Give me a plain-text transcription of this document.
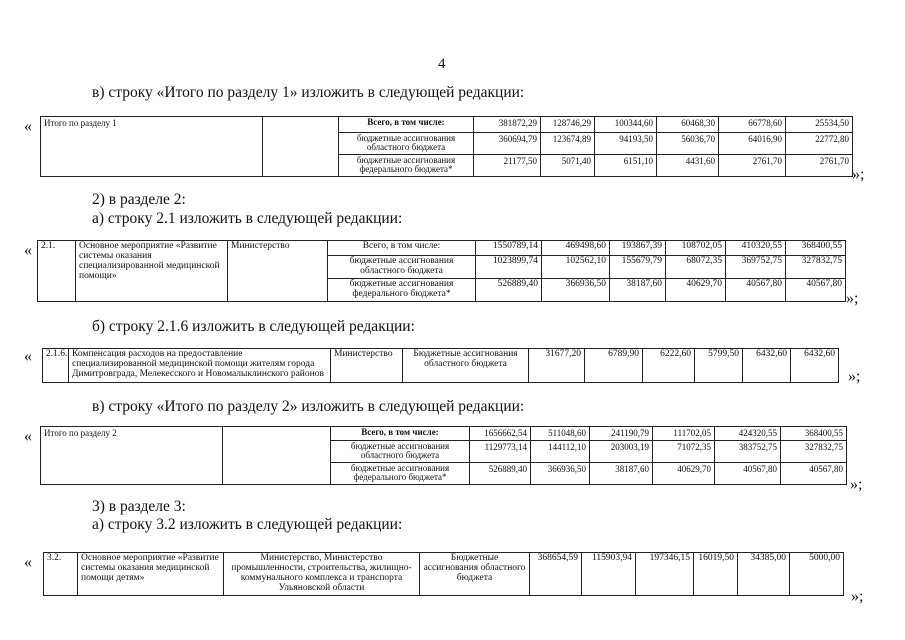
4
в) строку «Итого по разделу 1» изложить в следующей редакции:
« Итого по разделу 1		Всего, в том числе:	381872,29	128746,29	100344,60	60468,30	66778,60	25534,50
		бюджетные ассигнования областного бюджета	360694,79	123674,89	94193,50	56036,70	64016,90	22772,80
		бюджетные ассигнования федерального бюджета*	21177,50	5071,40	6151,10	4431,60	2761,70	2761,70
»;
2) в разделе 2:
а) строку 2.1 изложить в следующей редакции:
« 2.1.	Основное мероприятие «Развитие системы оказания специализированной медицинской помощи»	Министерство	Всего, в том числе:	1550789,14	469498,60	193867,39	108702,05	410320,55	368400,55
			бюджетные ассигнования областного бюджета	1023899,74	102562,10	155679,79	68072,35	369752,75	327832,75
			бюджетные ассигнования федерального бюджета*	526889,40	366936,50	38187,60	40629,70	40567,80	40567,80
»;
б) строку 2.1.6 изложить в следующей редакции:
« 2.1.6.	Компенсация расходов на предоставление специализированной медицинской помощи жителям города Димитровграда, Мелекесского и Новомалыклинского районов	Министерство	Бюджетные ассигнования областного бюджета	31677,20	6789,90	6222,60	5799,50	6432,60	6432,60
»;
в) строку «Итого по разделу 2» изложить в следующей редакции:
« Итого по разделу 2		Всего, в том числе:	1656662,54	511048,60	241190,79	111702,05	424320,55	368400,55
		бюджетные ассигнования областного бюджета	1129773,14	144112,10	203003,19	71072,35	383752,75	327832,75
		бюджетные ассигнования федерального бюджета*	526889,40	366936,50	38187,60	40629,70	40567,80	40567,80
»;
3) в разделе 3:
а) строку 3.2 изложить в следующей редакции:
« 3.2.	Основное мероприятие «Развитие системы оказания медицинской помощи детям»	Министерство, Министерство промышленности, строительства, жилищно-коммунального комплекса и транспорта Ульяновской области	Бюджетные ассигнования областного бюджета	368654,59	115903,94	197346,15	16019,50	34385,00	5000,00
»;
